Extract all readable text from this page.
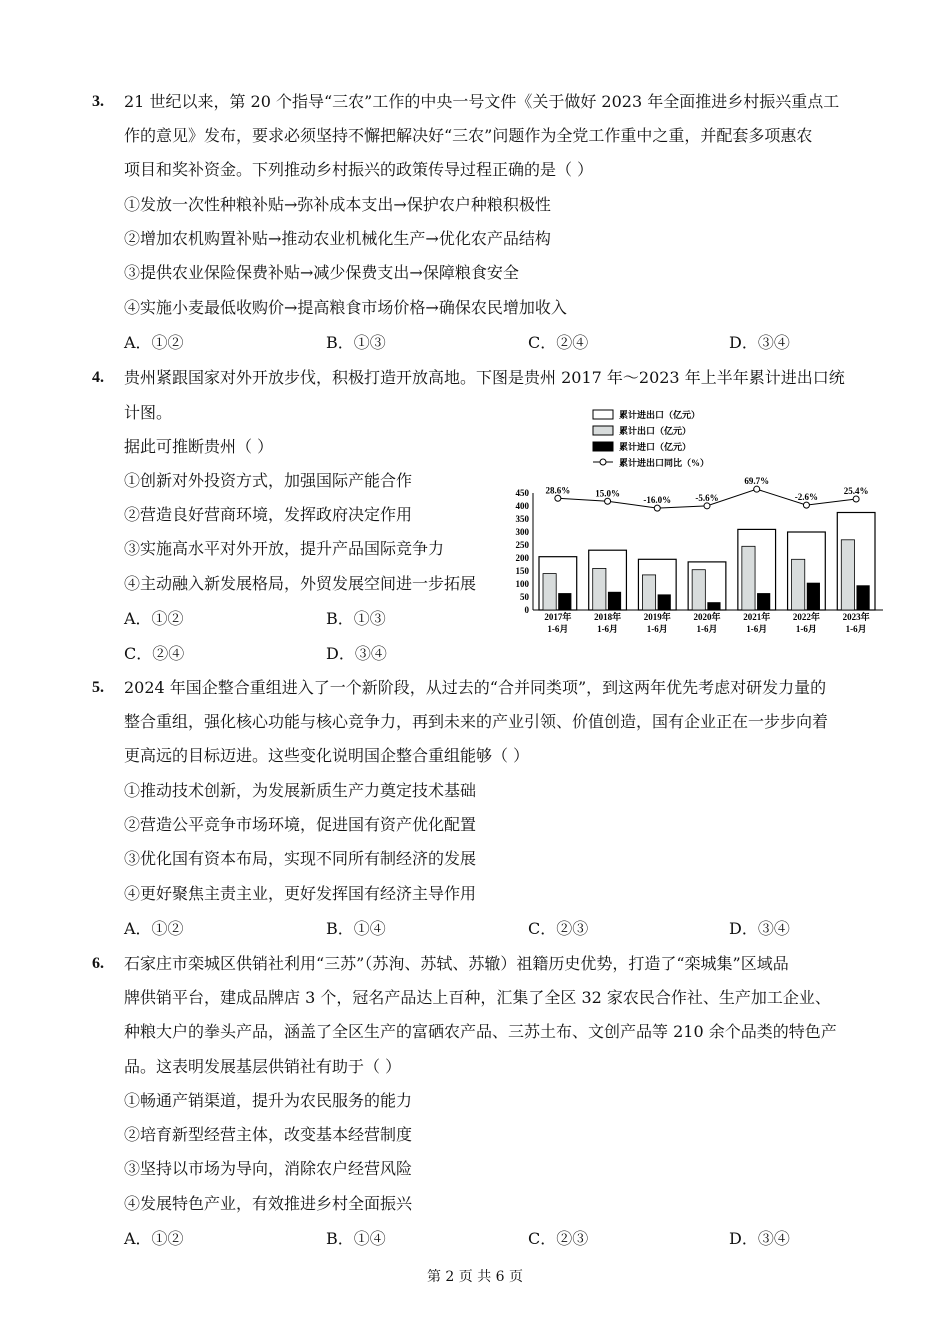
3. 21 世纪以来，第 20 个指导“三农”工作的中央一号文件《关于做好 2023 年全面推进乡村振兴重点工
作的意见》发布，要求必须坚持不懈把解决好“三农”问题作为全党工作重中之重，并配套多项惠农
项目和奖补资金。下列推动乡村振兴的政策传导过程正确的是（ ）
①发放一次性种粮补贴→弥补成本支出→保护农户种粮积极性
②增加农机购置补贴→推动农业机械化生产→优化农产品结构
③提供农业保险保费补贴→减少保费支出→保障粮食安全
④实施小麦最低收购价→提高粮食市场价格→确保农民增加收入
A．①②	B．①③	C．②④	D．③④
4. 贵州紧跟国家对外开放步伐，积极打造开放高地。下图是贵州 2017 年～2023 年上半年累计进出口统
计图。
据此可推断贵州（ ）
①创新对外投资方式，加强国际产能合作
②营造良好营商环境，发挥政府决定作用
③实施高水平对外开放，提升产品国际竞争力
④主动融入新发展格局，外贸发展空间进一步拓展
A．①②	B．①③
C．②④	D．③④
累计进出口（亿元）
累计出口（亿元）
累计进口（亿元）
累计进出口同比（%）
450
400
350
300
250
200
150
100
50
0
28.6%	15.0%
-16.0%	-5.6%
69.7%
-2.6%
25.4%
2017年
1-6月
2018年
1-6月
2019年
1-6月
2020年
1-6月
2021年
1-6月
2022年
1-6月
2023年
1-6月
5. 2024 年国企整合重组进入了一个新阶段，从过去的“合并同类项”，到这两年优先考虑对研发力量的
整合重组，强化核心功能与核心竞争力，再到未来的产业引领、价值创造，国有企业正在一步步向着
更高远的目标迈进。这些变化说明国企整合重组能够（ ）
①推动技术创新，为发展新质生产力奠定技术基础
②营造公平竞争市场环境，促进国有资产优化配置
③优化国有资本布局，实现不同所有制经济的发展
④更好聚焦主责主业，更好发挥国有经济主导作用
A．①②	B．①④	C．②③	D．③④
6. 石家庄市栾城区供销社利用“三苏”（苏洵、苏轼、苏辙）祖籍历史优势，打造了“栾城集”区域品
牌供销平台，建成品牌店 3 个，冠名产品达上百种，汇集了全区 32 家农民合作社、生产加工企业、
种粮大户的拳头产品，涵盖了全区生产的富硒农产品、三苏土布、文创产品等 210 余个品类的特色产
品。这表明发展基层供销社有助于（ ）
①畅通产销渠道，提升为农民服务的能力
②培育新型经营主体，改变基本经营制度
③坚持以市场为导向，消除农户经营风险
④发展特色产业，有效推进乡村全面振兴
A．①②	B．①④	C．②③	D．③④
第 2 页 共 6 页
